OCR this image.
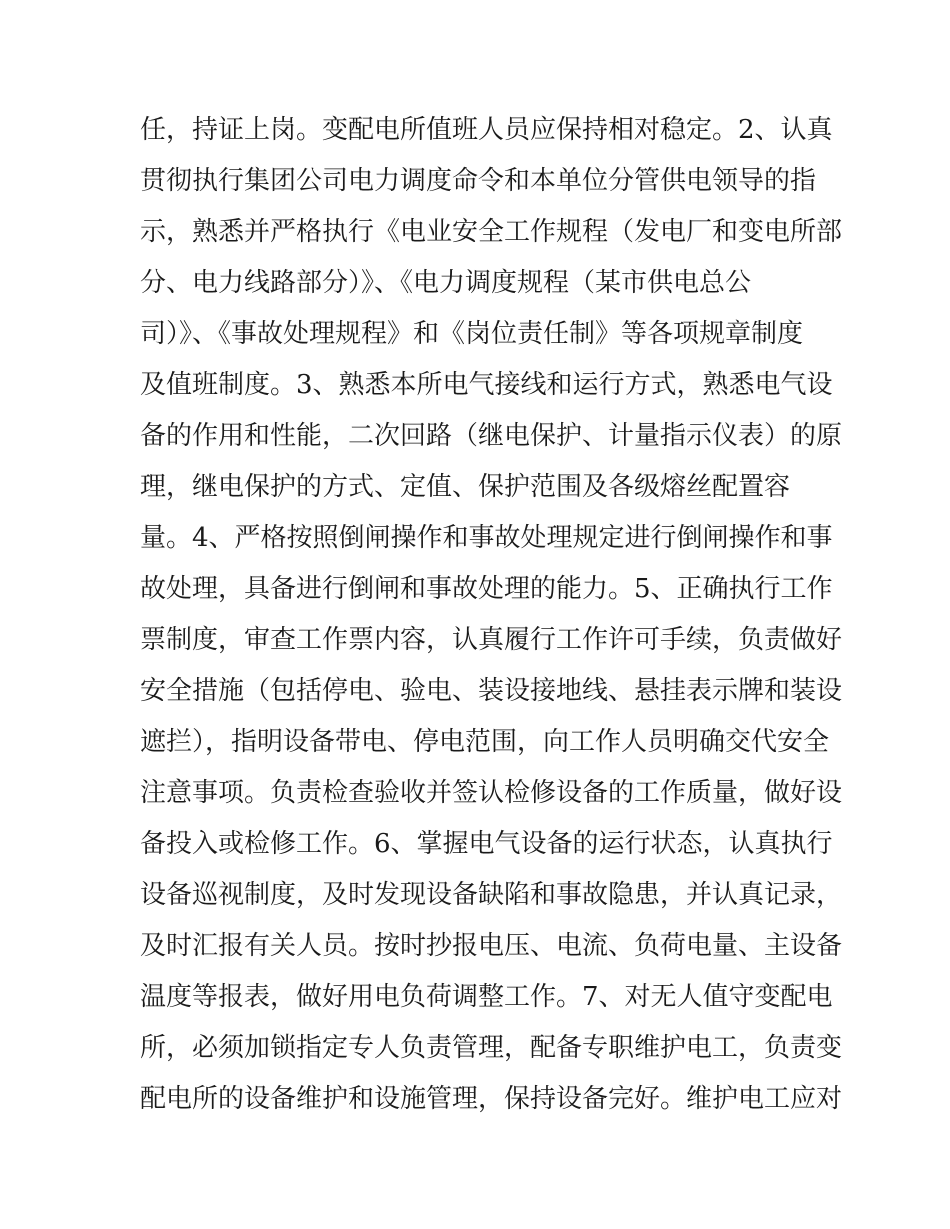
任，持证上岗。变配电所值班人员应保持相对稳定。2、认真
贯彻执行集团公司电力调度命令和本单位分管供电领导的指
示，熟悉并严格执行《电业安全工作规程（发电厂和变电所部
分、电力线路部分）》、《电力调度规程（某市供电总公
司）》、《事故处理规程》和《岗位责任制》等各项规章制度
及值班制度。3、熟悉本所电气接线和运行方式，熟悉电气设
备的作用和性能，二次回路（继电保护、计量指示仪表）的原
理，继电保护的方式、定值、保护范围及各级熔丝配置容
量。4、严格按照倒闸操作和事故处理规定进行倒闸操作和事
故处理，具备进行倒闸和事故处理的能力。5、正确执行工作
票制度，审查工作票内容，认真履行工作许可手续，负责做好
安全措施（包括停电、验电、装设接地线、悬挂表示牌和装设
遮拦），指明设备带电、停电范围，向工作人员明确交代安全
注意事项。负责检查验收并签认检修设备的工作质量，做好设
备投入或检修工作。6、掌握电气设备的运行状态，认真执行
设备巡视制度，及时发现设备缺陷和事故隐患，并认真记录，
及时汇报有关人员。按时抄报电压、电流、负荷电量、主设备
温度等报表，做好用电负荷调整工作。7、对无人值守变配电
所，必须加锁指定专人负责管理，配备专职维护电工，负责变
配电所的设备维护和设施管理，保持设备完好。维护电工应对
